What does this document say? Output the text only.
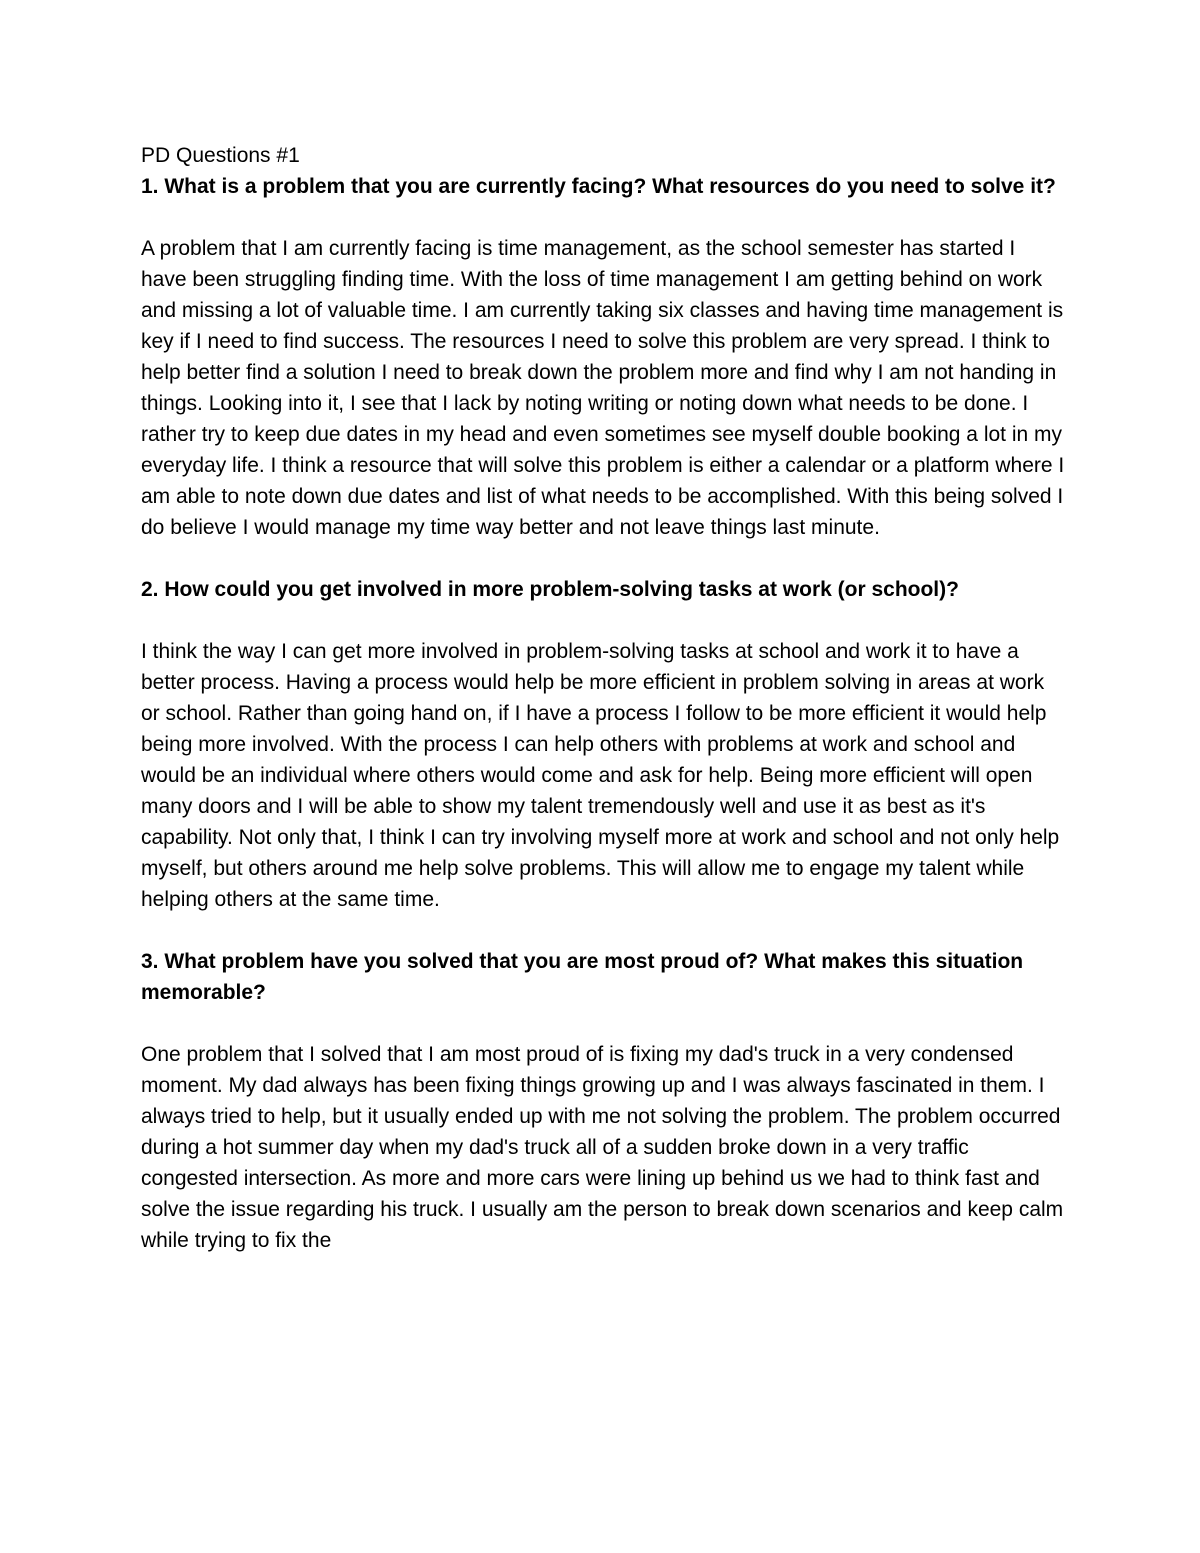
PD Questions #1

1. What is a problem that you are currently facing? What resources do you need to solve it?

A problem that I am currently facing is time management, as the school semester has started I have been struggling finding time. With the loss of time management I am getting behind on work and missing a lot of valuable time. I am currently taking six classes and having time management is key if I need to find success. The resources I need to solve this problem are very spread. I think to help better find a solution I need to break down the problem more and find why I am not handing in things. Looking into it, I see that I lack by noting writing or noting down what needs to be done. I rather try to keep due dates in my head and even sometimes see myself double booking a lot in my everyday life. I think a resource that will solve this problem is either a calendar or a platform where I am able to note down due dates and list of what needs to be accomplished. With this being solved I do believe I would manage my time way better and not leave things last minute.

2. How could you get involved in more problem-solving tasks at work (or school)?

I think the way I can get more involved in problem-solving tasks at school and work it to have a better process. Having a process would help be more efficient in problem solving in areas at work or school. Rather than going hand on, if I have a process I follow to be more efficient it would help being more involved. With the process I can help others with problems at work and school and would be an individual where others would come and ask for help. Being more efficient will open many doors and I will be able to show my talent tremendously well and use it as best as it's capability. Not only that, I think I can try involving myself more at work and school and not only help myself, but others around me help solve problems. This will allow me to engage my talent while helping others at the same time.

3. What problem have you solved that you are most proud of? What makes this situation memorable?

One problem that I solved that I am most proud of is fixing my dad's truck in a very condensed moment. My dad always has been fixing things growing up and I was always fascinated in them. I always tried to help, but it usually ended up with me not solving the problem. The problem occurred during a hot summer day when my dad's truck all of a sudden broke down in a very traffic congested intersection. As more and more cars were lining up behind us we had to think fast and solve the issue regarding his truck. I usually am the person to break down scenarios and keep calm while trying to fix the
